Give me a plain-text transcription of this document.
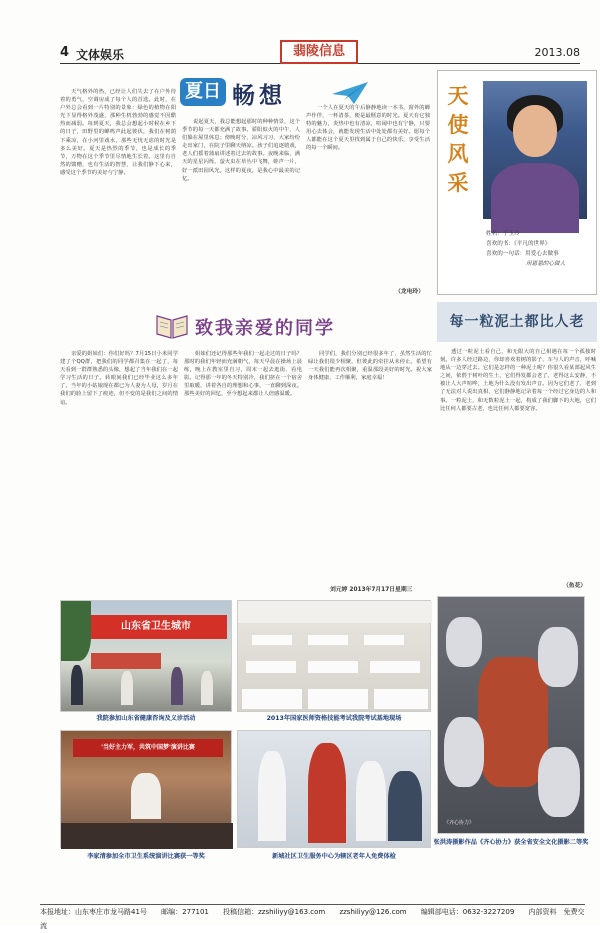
4 文体娱乐	翡陵信息	2013.08
夏日 畅想

天气格外的热，已经让人们失去了在户外待着的勇气，空调房成了每个人的首选。此时，在户外总会看到一片特别的景象：绿色的植物在阳光下显得格外茂盛，那种生机勃勃的感觉不因酷热而减弱。每到夏天，我总会想起小时候在乡下的日子，田野里的蝉鸣声此起彼伏，我们在树荫下乘凉，在小河里戏水，那些无忧无虑的时光是多么美好。夏天是热烈的季节，也是成长的季节，万物在这个季节里尽情地生长着。这里有自然的馈赠，也有生活的智慧，让我们静下心来，感受这个季节的美好与宁静。

说起夏天，我总能想起那时的种种情景，这个季节的每一天都充满了故事。骄阳似火的中午，人们躲在屋里休息；傍晚时分，凉风习习，大家纷纷走出家门，在院子里聊天纳凉。孩子们追逐嬉戏，老人们摇着蒲扇讲述着过去的故事。夜晚来临，满天的星星闪烁，萤火虫在草丛中飞舞，蛙声一片，好一派田园风光。这样的夏夜，是我心中最美的记忆。

一个人在夏天的午后静静地读一本书，窗外的蝉声作伴，一杯清茶，便是最惬意的时光。夏天有它独特的魅力，炎热中也有清凉，喧闹中也有宁静，只要用心去体会，就能发现生活中处处都有美好。愿每个人都能在这个夏天里找到属于自己的快乐，享受生活的每一个瞬间。

（龙电玲）
天使风采
姓名：于玉玲
喜欢的书：《平凡的世界》
喜欢的一句话：用爱心去做事
用恩恩的心做人
每一粒泥土都比人老

透过一粒泥土看自己，和无限大的自己相遇在每一个孤独时刻。许多人经过路边，你却喜欢着树的影子、车与人的声音，呼喊地从一边穿过去。它们是怎样的一种泥土呢？你很久看某部起风生之间，依偎于树叶的生土，它们得发都会老了，老得这么安静，不被让人大声喧哗，土地为什么没有发出声音。因为它们老了，老到了无法对人说出真相，它们静静地记录着每一个经过它身边的人和事。一粒泥土，和无数粒泥土一起，构成了我们脚下的大地，它们比任何人都要古老，也比任何人都要宽容。

（鱼花）
致我亲爱的同学

亲爱的姐妹们：你们好吗？7月15日小米同学建了个QQ群，把我们的同学都召集在一起了，每天看到一群群熟悉的头像，想起了当年我们在一起学习生活的日子。转眼间我们已经毕业这么多年了，当年的小姑娘现在都已为人妻为人母，岁月在我们的脸上留下了痕迹，但不变的是我们之间的情谊。

姐妹们还记得那些年我们一起走过的日子吗？那时的我们年轻而充满朝气，每天早晨在操场上晨练，晚上在教室里自习，周末一起去逛街、看电影。记得那一年的冬天特别冷，我们挤在一个宿舍里取暖，讲着各自的理想和心事，一直聊到深夜。那些美好的回忆，至今想起来都让人倍感温暖。

同学们，我们分别已经很多年了，虽然生活的忙碌让我们很少相聚，但彼此的牵挂从未停止。希望有一天我们能再次相聚，重温那段美好的时光。祝大家身体健康，工作顺利，家庭幸福！

刘元婷 2013年7月17日星期三
山东省卫生城市
我院参加山东省健康咨询及义诊活动	2013年国家医师资格技能考试我院考试基地现场
《齐心协力》
张洪涛摄影作品《齐心协力》获全省安全文化摄影二等奖
'当好主力军，共筑中国梦'演讲比赛
李家清参加全市卫生系统演讲比赛获一等奖	新城社区卫生服务中心为辖区老年人免费体检
本报地址：山东枣庄市龙马路41号 邮编：277101 投稿信箱：zzshiliyy@163.com zzshiliyy@126.com 编辑部电话：0632-3227209 内部资料　免费交流
